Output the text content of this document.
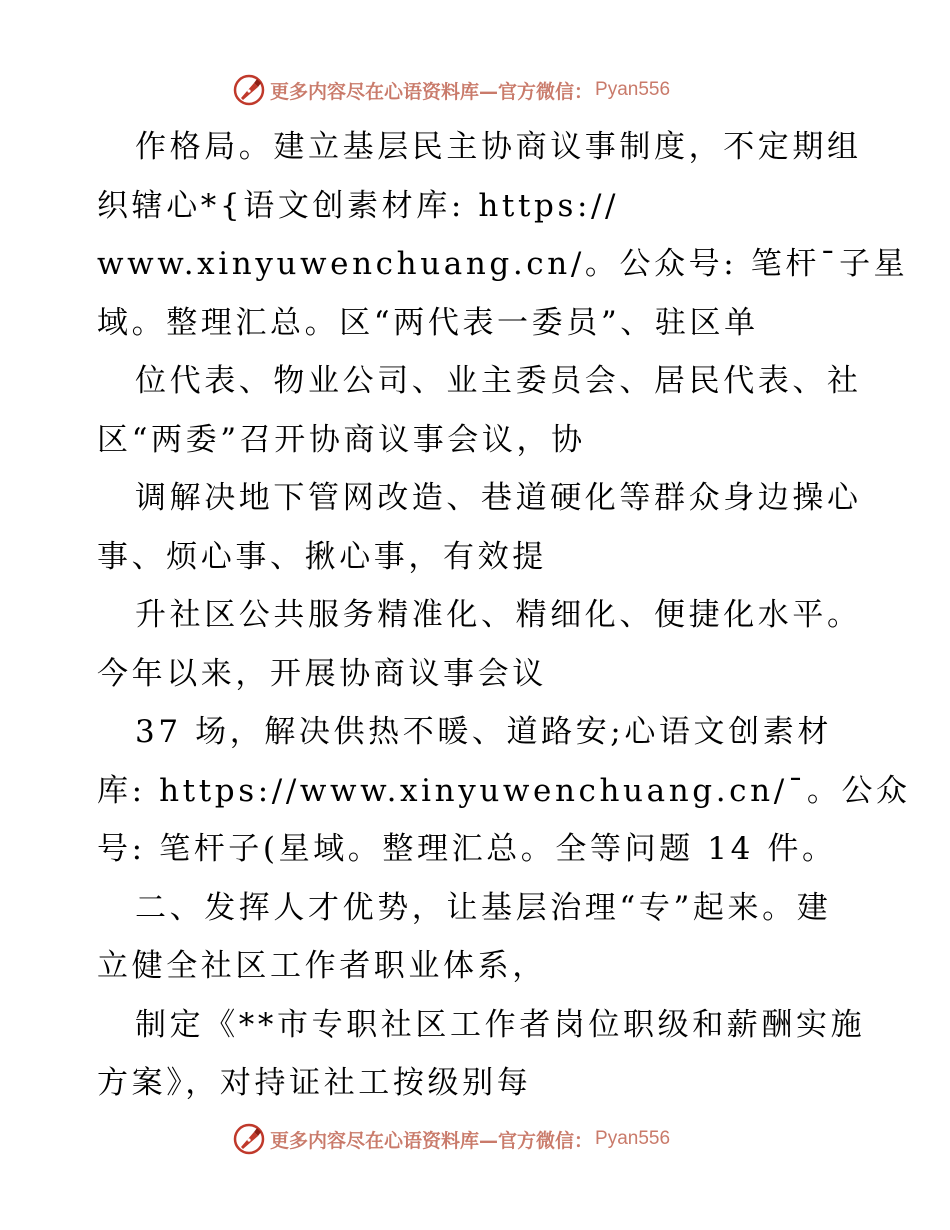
更多内容尽在心语资料库—官方微信： Pyan556
作格局。建立基层民主协商议事制度，不定期组
织辖心*{语文创素材库: https://
www.xinyuwenchuang.cn/。公众号: 笔杆¯子星
域。整理汇总。区“两代表一委员”、驻区单
位代表、物业公司、业主委员会、居民代表、社
区“两委”召开协商议事会议，协
调解决地下管网改造、巷道硬化等群众身边操心
事、烦心事、揪心事，有效提
升社区公共服务精准化、精细化、便捷化水平。
今年以来，开展协商议事会议
37 场，解决供热不暖、道路安;心语文创素材
库: https://www.xinyuwenchuang.cn/¯。公众
号: 笔杆子(星域。整理汇总。全等问题 14 件。
二、发挥人才优势，让基层治理“专”起来。建
立健全社区工作者职业体系，
制定《**市专职社区工作者岗位职级和薪酬实施
方案》，对持证社工按级别每
更多内容尽在心语资料库—官方微信： Pyan556
